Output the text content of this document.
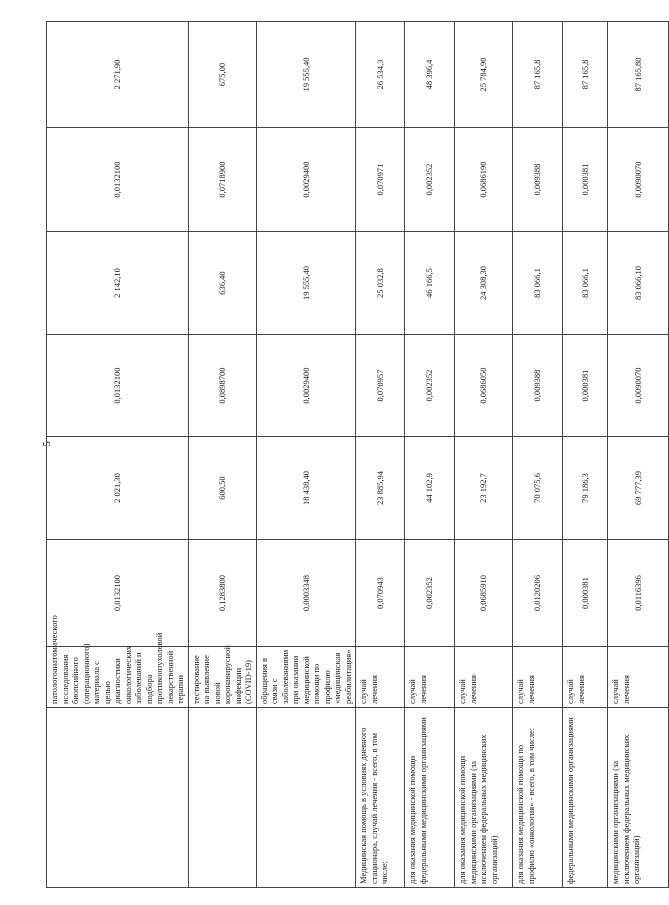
5
	патологоанатомического исследования биопсийного (операционного) материала с целью диагностики онкологических заболеваний и подбора противоопухолевой лекарственной терапии	0,0132100	2 021,30	0,0132100	2 142,10	0,0132100	2 271,90
	тестирование на выявление новой коронавирусной инфекции (COVID-19)	0,1283800	600,50	0,0898700	636,40	0,0718900	675,00
	обращения в связи с заболеваниями при оказании медицинской помощи по профилю «медицинская реабилитация»	0,0003348	18 438,40	0,0029400	19 555,40	0,0029400	19 555,40
Медицинская помощь в условиях дневного стационара, случай лечения - всего, в том числе:	случай лечения	0,070943	23 885,94	0,070957	25 032,8	0,070971	26 534,3
для оказания медицинской помощи федеральными медицинскими организациями	случай лечения	0,002352	44 102,9	0,002352	46 166,5	0,002352	48 396,4
для оказания медицинской помощи медицинскими организациями (за исключением федеральных медицинских организаций)	случай лечения	0,0685910	23 192,7	0,0686050	24 308,30	0,0686190	25 784,90
для оказания медицинской помощи по профилю «онкология» - всего, в том числе:	случай лечения	0,0120206	70 075,6	0,009388	83 066,1	0,009388	87 165,8
федеральными медицинскими организациями	случай лечения	0,000381	79 186,3	0,000381	83 066,1	0,000381	87 165,8
медицинскими организациями (за исключением федеральных медицинских организаций)	случай лечения	0,0116396	69 777,39	0,0090070	83 066,10	0,0090070	87 165,80
